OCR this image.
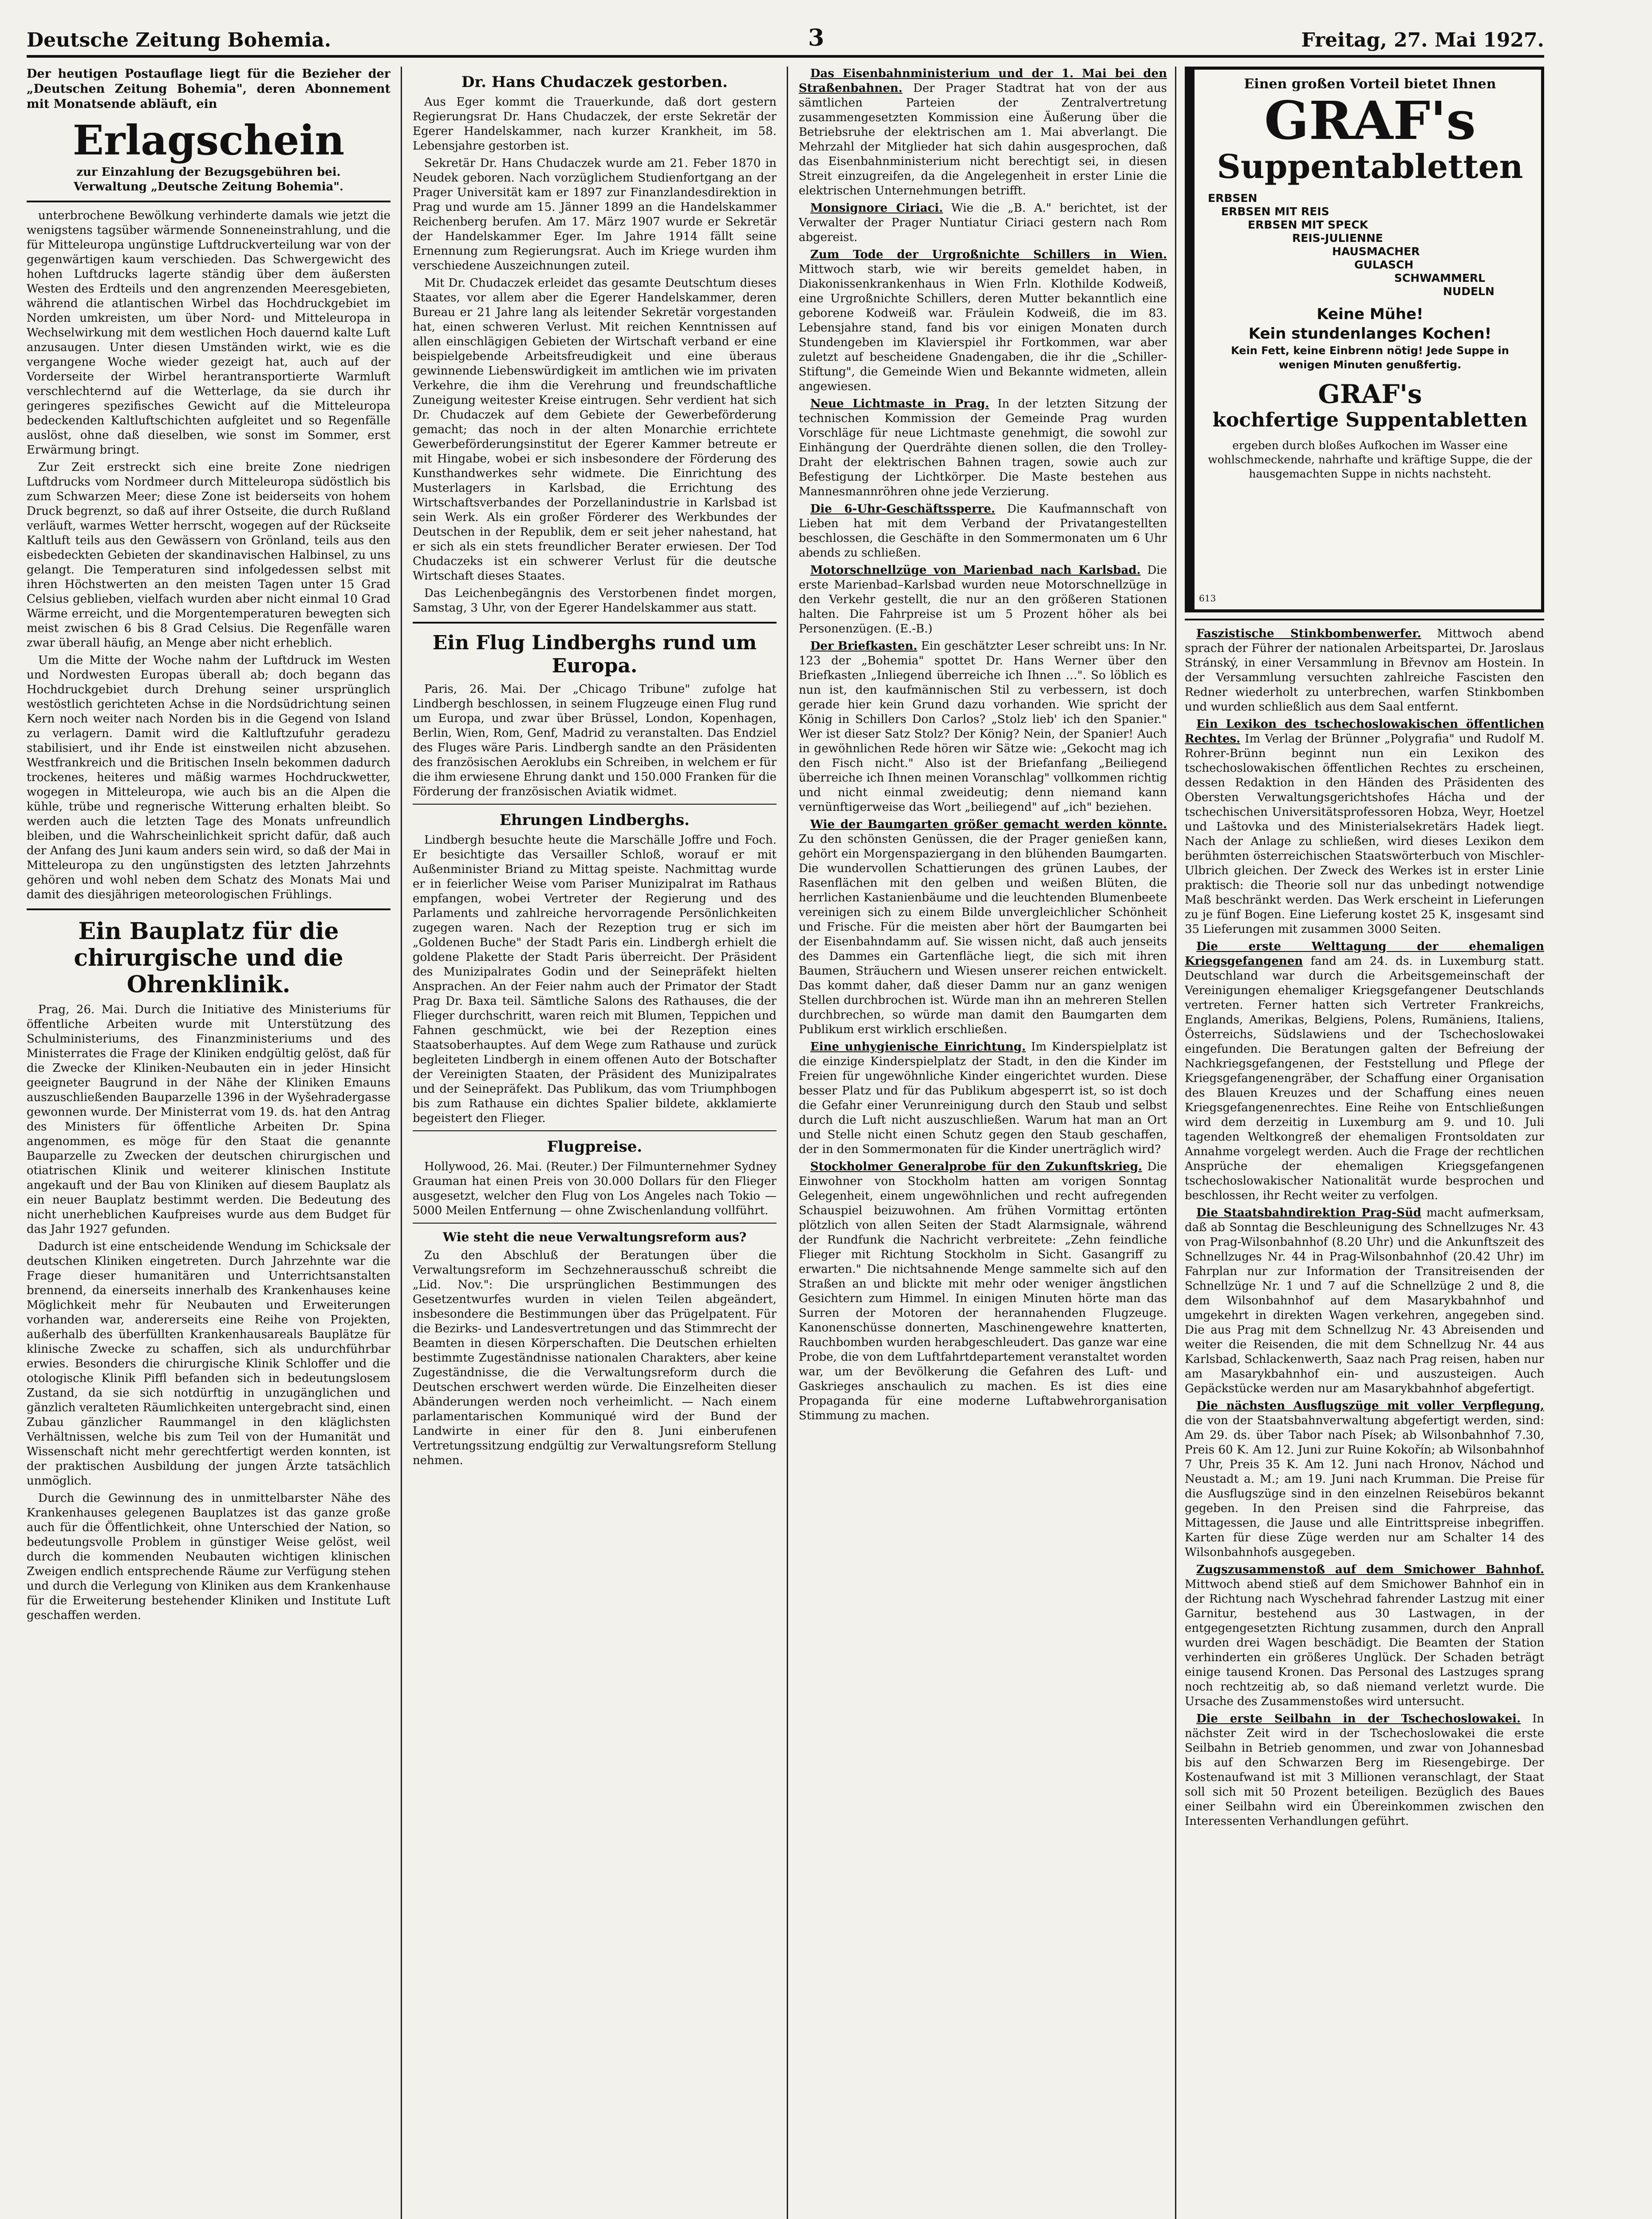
Deutsche Zeitung Bohemia.	3	Freitag, 27. Mai 1927.

Der heutigen Postauflage liegt für die Bezieher der „Deutschen Zeitung Bohemia", deren Abonnement mit Monatsende abläuft, ein

Erlagschein

zur Einzahlung der Bezugsgebühren bei.

Verwaltung „Deutsche Zeitung Bohemia".

unterbrochene Bewölkung verhinderte damals wie jetzt die wenigstens tagsüber wärmende Sonneneinstrahlung, und die für Mitteleuropa ungünstige Luftdruckverteilung war von der gegenwärtigen kaum verschieden. Das Schwergewicht des hohen Luftdrucks lagerte ständig über dem äußersten Westen des Erdteils und den angrenzenden Meeresgebieten, während die atlantischen Wirbel das Hochdruckgebiet im Norden umkreisten, um über Nord- und Mitteleuropa in Wechselwirkung mit dem westlichen Hoch dauernd kalte Luft anzusaugen. Unter diesen Umständen wirkt, wie es die vergangene Woche wieder gezeigt hat, auch auf der Vorderseite der Wirbel herantransportierte Warmluft verschlechternd auf die Wetterlage, da sie durch ihr geringeres spezifisches Gewicht auf die Mitteleuropa bedeckenden Kaltluftschichten aufgleitet und so Regenfälle auslöst, ohne daß dieselben, wie sonst im Sommer, erst Erwärmung bringt.

Zur Zeit erstreckt sich eine breite Zone niedrigen Luftdrucks vom Nordmeer durch Mitteleuropa südöstlich bis zum Schwarzen Meer; diese Zone ist beiderseits von hohem Druck begrenzt, so daß auf ihrer Ostseite, die durch Rußland verläuft, warmes Wetter herrscht, wogegen auf der Rückseite Kaltluft teils aus den Gewässern von Grönland, teils aus den eisbedeckten Gebieten der skandinavischen Halbinsel, zu uns gelangt. Die Temperaturen sind infolgedessen selbst mit ihren Höchstwerten an den meisten Tagen unter 15 Grad Celsius geblieben, vielfach wurden aber nicht einmal 10 Grad Wärme erreicht, und die Morgentemperaturen bewegten sich meist zwischen 6 bis 8 Grad Celsius. Die Regenfälle waren zwar überall häufig, an Menge aber nicht erheblich.

Um die Mitte der Woche nahm der Luftdruck im Westen und Nordwesten Europas überall ab; doch begann das Hochdruckgebiet durch Drehung seiner ursprünglich westöstlich gerichteten Achse in die Nordsüdrichtung seinen Kern noch weiter nach Norden bis in die Gegend von Island zu verlagern. Damit wird die Kaltluftzufuhr geradezu stabilisiert, und ihr Ende ist einstweilen nicht abzusehen. Westfrankreich und die Britischen Inseln bekommen dadurch trockenes, heiteres und mäßig warmes Hochdruckwetter, wogegen in Mitteleuropa, wie auch bis an die Alpen die kühle, trübe und regnerische Witterung erhalten bleibt. So werden auch die letzten Tage des Monats unfreundlich bleiben, und die Wahrscheinlichkeit spricht dafür, daß auch der Anfang des Juni kaum anders sein wird, so daß der Mai in Mitteleuropa zu den ungünstigsten des letzten Jahrzehnts gehören und wohl neben dem Schatz des Monats Mai und damit des diesjährigen meteorologischen Frühlings.

Ein Bauplatz für die chirurgische und die Ohrenklinik.

Prag, 26. Mai. Durch die Initiative des Ministeriums für öffentliche Arbeiten wurde mit Unterstützung des Schulministeriums, des Finanzministeriums und des Ministerrates die Frage der Kliniken endgültig gelöst, daß für die Zwecke der Kliniken-Neubauten ein in jeder Hinsicht geeigneter Baugrund in der Nähe der Kliniken Emauns auszuschließenden Bauparzelle 1396 in der Wyšehradergasse gewonnen wurde. Der Ministerrat vom 19. ds. hat den Antrag des Ministers für öffentliche Arbeiten Dr. Spina angenommen, es möge für den Staat die genannte Bauparzelle zu Zwecken der deutschen chirurgischen und otiatrischen Klinik und weiterer klinischen Institute angekauft und der Bau von Kliniken auf diesem Bauplatz als ein neuer Bauplatz bestimmt werden. Die Bedeutung des nicht unerheblichen Kaufpreises wurde aus dem Budget für das Jahr 1927 gefunden.

Dadurch ist eine entscheidende Wendung im Schicksale der deutschen Kliniken eingetreten. Durch Jahrzehnte war die Frage dieser humanitären und Unterrichtsanstalten brennend, da einerseits innerhalb des Krankenhauses keine Möglichkeit mehr für Neubauten und Erweiterungen vorhanden war, andererseits eine Reihe von Projekten, außerhalb des überfüllten Krankenhausareals Bauplätze für klinische Zwecke zu schaffen, sich als undurchführbar erwies. Besonders die chirurgische Klinik Schloffer und die otologische Klinik Piffl befanden sich in bedeutungslosem Zustand, da sie sich notdürftig in unzugänglichen und gänzlich veralteten Räumlichkeiten untergebracht sind, einen Zubau gänzlicher Raummangel in den kläglichsten Verhältnissen, welche bis zum Teil von der Humanität und Wissenschaft nicht mehr gerechtfertigt werden konnten, ist der praktischen Ausbildung der jungen Ärzte tatsächlich unmöglich.

Durch die Gewinnung des in unmittelbarster Nähe des Krankenhauses gelegenen Bauplatzes ist das ganze große auch für die Öffentlichkeit, ohne Unterschied der Nation, so bedeutungsvolle Problem in günstiger Weise gelöst, weil durch die kommenden Neubauten wichtigen klinischen Zweigen endlich entsprechende Räume zur Verfügung stehen und durch die Verlegung von Kliniken aus dem Krankenhause für die Erweiterung bestehender Kliniken und Institute Luft geschaffen werden.

Dr. Hans Chudaczek gestorben.

Aus Eger kommt die Trauerkunde, daß dort gestern Regierungsrat Dr. Hans Chudaczek, der erste Sekretär der Egerer Handelskammer, nach kurzer Krankheit, im 58. Lebensjahre gestorben ist.

Sekretär Dr. Hans Chudaczek wurde am 21. Feber 1870 in Neudek geboren. Nach vorzüglichem Studienfortgang an der Prager Universität kam er 1897 zur Finanzlandesdirektion in Prag und wurde am 15. Jänner 1899 an die Handelskammer Reichenberg berufen. Am 17. März 1907 wurde er Sekretär der Handelskammer Eger. Im Jahre 1914 fällt seine Ernennung zum Regierungsrat. Auch im Kriege wurden ihm verschiedene Auszeichnungen zuteil.

Mit Dr. Chudaczek erleidet das gesamte Deutschtum dieses Staates, vor allem aber die Egerer Handelskammer, deren Bureau er 21 Jahre lang als leitender Sekretär vorgestanden hat, einen schweren Verlust. Mit reichen Kenntnissen auf allen einschlägigen Gebieten der Wirtschaft verband er eine beispielgebende Arbeitsfreudigkeit und eine überaus gewinnende Liebenswürdigkeit im amtlichen wie im privaten Verkehre, die ihm die Verehrung und freundschaftliche Zuneigung weitester Kreise eintrugen. Sehr verdient hat sich Dr. Chudaczek auf dem Gebiete der Gewerbeförderung gemacht; das noch in der alten Monarchie errichtete Gewerbeförderungsinstitut der Egerer Kammer betreute er mit Hingabe, wobei er sich insbesondere der Förderung des Kunsthandwerkes sehr widmete. Die Einrichtung des Musterlagers in Karlsbad, die Errichtung des Wirtschaftsverbandes der Porzellanindustrie in Karlsbad ist sein Werk. Als ein großer Förderer des Werkbundes der Deutschen in der Republik, dem er seit jeher nahestand, hat er sich als ein stets freundlicher Berater erwiesen. Der Tod Chudaczeks ist ein schwerer Verlust für die deutsche Wirtschaft dieses Staates.

Das Leichenbegängnis des Verstorbenen findet morgen, Samstag, 3 Uhr, von der Egerer Handelskammer aus statt.

Ein Flug Lindberghs rund um Europa.

Paris, 26. Mai. Der „Chicago Tribune" zufolge hat Lindbergh beschlossen, in seinem Flugzeuge einen Flug rund um Europa, und zwar über Brüssel, London, Kopenhagen, Berlin, Wien, Rom, Genf, Madrid zu veranstalten. Das Endziel des Fluges wäre Paris. Lindbergh sandte an den Präsidenten des französischen Aeroklubs ein Schreiben, in welchem er für die ihm erwiesene Ehrung dankt und 150.000 Franken für die Förderung der französischen Aviatik widmet.

Ehrungen Lindberghs.

Lindbergh besuchte heute die Marschälle Joffre und Foch. Er besichtigte das Versailler Schloß, worauf er mit Außenminister Briand zu Mittag speiste. Nachmittag wurde er in feierlicher Weise vom Pariser Munizipalrat im Rathaus empfangen, wobei Vertreter der Regierung und des Parlaments und zahlreiche hervorragende Persönlichkeiten zugegen waren. Nach der Rezeption trug er sich im „Goldenen Buche" der Stadt Paris ein. Lindbergh erhielt die goldene Plakette der Stadt Paris überreicht. Der Präsident des Munizipalrates Godin und der Seinepräfekt hielten Ansprachen. An der Feier nahm auch der Primator der Stadt Prag Dr. Baxa teil. Sämtliche Salons des Rathauses, die der Flieger durchschritt, waren reich mit Blumen, Teppichen und Fahnen geschmückt, wie bei der Rezeption eines Staatsoberhauptes. Auf dem Wege zum Rathause und zurück begleiteten Lindbergh in einem offenen Auto der Botschafter der Vereinigten Staaten, der Präsident des Munizipalrates und der Seinepräfekt. Das Publikum, das vom Triumphbogen bis zum Rathause ein dichtes Spalier bildete, akklamierte begeistert den Flieger.

Flugpreise.

Hollywood, 26. Mai. (Reuter.) Der Filmunternehmer Sydney Grauman hat einen Preis von 30.000 Dollars für den Flieger ausgesetzt, welcher den Flug von Los Angeles nach Tokio — 5000 Meilen Entfernung — ohne Zwischenlandung vollführt.

Wie steht die neue Verwaltungsreform aus?

Zu den Abschluß der Beratungen über die Verwaltungsreform im Sechzehnerausschuß schreibt die „Lid. Nov.": Die ursprünglichen Bestimmungen des Gesetzentwurfes wurden in vielen Teilen abgeändert, insbesondere die Bestimmungen über das Prügelpatent. Für die Bezirks- und Landesvertretungen und das Stimmrecht der Beamten in diesen Körperschaften. Die Deutschen erhielten bestimmte Zugeständnisse nationalen Charakters, aber keine Zugeständnisse, die die Verwaltungsreform durch die Deutschen erschwert werden würde. Die Einzelheiten dieser Abänderungen werden noch verheimlicht. — Nach einem parlamentarischen Kommuniqué wird der Bund der Landwirte in einer für den 8. Juni einberufenen Vertretungssitzung endgültig zur Verwaltungsreform Stellung nehmen.

Das Eisenbahnministerium und der 1. Mai bei den Straßenbahnen. Der Prager Stadtrat hat von der aus sämtlichen Parteien der Zentralvertretung zusammengesetzten Kommission eine Äußerung über die Betriebsruhe der elektrischen am 1. Mai abverlangt. Die Mehrzahl der Mitglieder hat sich dahin ausgesprochen, daß das Eisenbahnministerium nicht berechtigt sei, in diesen Streit einzugreifen, da die Angelegenheit in erster Linie die elektrischen Unternehmungen betrifft.

Monsignore Ciriaci. Wie die „B. A." berichtet, ist der Verwalter der Prager Nuntiatur Ciriaci gestern nach Rom abgereist.

Zum Tode der Urgroßnichte Schillers in Wien. Mittwoch starb, wie wir bereits gemeldet haben, in Diakonissenkrankenhaus in Wien Frln. Klothilde Kodweiß, eine Urgroßnichte Schillers, deren Mutter bekanntlich eine geborene Kodweiß war. Fräulein Kodweiß, die im 83. Lebensjahre stand, fand bis vor einigen Monaten durch Stundengeben im Klavierspiel ihr Fortkommen, war aber zuletzt auf bescheidene Gnadengaben, die ihr die „Schiller-Stiftung", die Gemeinde Wien und Bekannte widmeten, allein angewiesen.

Neue Lichtmaste in Prag. In der letzten Sitzung der technischen Kommission der Gemeinde Prag wurden Vorschläge für neue Lichtmaste genehmigt, die sowohl zur Einhängung der Querdrähte dienen sollen, die den Trolley-Draht der elektrischen Bahnen tragen, sowie auch zur Befestigung der Lichtkörper. Die Maste bestehen aus Mannesmannröhren ohne jede Verzierung.

Die 6-Uhr-Geschäftssperre. Die Kaufmannschaft von Lieben hat mit dem Verband der Privatangestellten beschlossen, die Geschäfte in den Sommermonaten um 6 Uhr abends zu schließen.

Motorschnellzüge von Marienbad nach Karlsbad. Die erste Marienbad–Karlsbad wurden neue Motorschnellzüge in den Verkehr gestellt, die nur an den größeren Stationen halten. Die Fahrpreise ist um 5 Prozent höher als bei Personenzügen. (E.-B.)

Der Briefkasten. Ein geschätzter Leser schreibt uns: In Nr. 123 der „Bohemia" spottet Dr. Hans Werner über den Briefkasten „Inliegend überreiche ich Ihnen …". So löblich es nun ist, den kaufmännischen Stil zu verbessern, ist doch gerade hier kein Grund dazu vorhanden. Wie spricht der König in Schillers Don Carlos? „Stolz lieb' ich den Spanier." Wer ist dieser Satz Stolz? Der König? Nein, der Spanier! Auch in gewöhnlichen Rede hören wir Sätze wie: „Gekocht mag ich den Fisch nicht." Also ist der Briefanfang „Beiliegend überreiche ich Ihnen meinen Voranschlag" vollkommen richtig und nicht einmal zweideutig; denn niemand kann vernünftigerweise das Wort „beiliegend" auf „ich" beziehen.

Wie der Baumgarten größer gemacht werden könnte. Zu den schönsten Genüssen, die der Prager genießen kann, gehört ein Morgenspaziergang in den blühenden Baumgarten. Die wundervollen Schattierungen des grünen Laubes, der Rasenflächen mit den gelben und weißen Blüten, die herrlichen Kastanienbäume und die leuchtenden Blumenbeete vereinigen sich zu einem Bilde unvergleichlicher Schönheit und Frische. Für die meisten aber hört der Baumgarten bei der Eisenbahndamm auf. Sie wissen nicht, daß auch jenseits des Dammes ein Gartenfläche liegt, die sich mit ihren Baumen, Sträuchern und Wiesen unserer reichen entwickelt. Das kommt daher, daß dieser Damm nur an ganz wenigen Stellen durchbrochen ist. Würde man ihn an mehreren Stellen durchbrechen, so würde man damit den Baumgarten dem Publikum erst wirklich erschließen.

Eine unhygienische Einrichtung. Im Kinderspielplatz ist die einzige Kinderspielplatz der Stadt, in den die Kinder im Freien für ungewöhnliche Kinder eingerichtet wurden. Diese besser Platz und für das Publikum abgesperrt ist, so ist doch die Gefahr einer Verunreinigung durch den Staub und selbst durch die Luft nicht auszuschließen. Warum hat man an Ort und Stelle nicht einen Schutz gegen den Staub geschaffen, der in den Sommermonaten für die Kinder unerträglich wird?

Stockholmer Generalprobe für den Zukunftskrieg. Die Einwohner von Stockholm hatten am vorigen Sonntag Gelegenheit, einem ungewöhnlichen und recht aufregenden Schauspiel beizuwohnen. Am frühen Vormittag ertönten plötzlich von allen Seiten der Stadt Alarmsignale, während der Rundfunk die Nachricht verbreitete: „Zehn feindliche Flieger mit Richtung Stockholm in Sicht. Gasangriff zu erwarten." Die nichtsahnende Menge sammelte sich auf den Straßen an und blickte mit mehr oder weniger ängstlichen Gesichtern zum Himmel. In einigen Minuten hörte man das Surren der Motoren der herannahenden Flugzeuge. Kanonenschüsse donnerten, Maschinengewehre knatterten, Rauchbomben wurden herabgeschleudert. Das ganze war eine Probe, die von dem Luftfahrtdepartement veranstaltet worden war, um der Bevölkerung die Gefahren des Luft- und Gaskrieges anschaulich zu machen. Es ist dies eine Propaganda für eine moderne Luftabwehrorganisation Stimmung zu machen.

Einen großen Vorteil bietet Ihnen
GRAF's
Suppentabletten
ERBSEN
ERBSEN MIT REIS
ERBSEN MIT SPECK
REIS-JULIENNE
HAUSMACHER
GULASCH
SCHWAMMERL
NUDELN
Keine Mühe!
Kein stundenlanges Kochen!
Kein Fett, keine Einbrenn nötig! Jede Suppe in wenigen Minuten genußfertig.
GRAF's
kochfertige Suppentabletten
ergeben durch bloßes Aufkochen im Wasser eine wohlschmeckende, nahrhafte und kräftige Suppe, die der hausgemachten Suppe in nichts nachsteht.
613

Faszistische Stinkbombenwerfer. Mittwoch abend sprach der Führer der nationalen Arbeitspartei, Dr. Jaroslaus Stránský, in einer Versammlung in Břevnov am Hostein. In der Versammlung versuchten zahlreiche Fascisten den Redner wiederholt zu unterbrechen, warfen Stinkbomben und wurden schließlich aus dem Saal entfernt.

Ein Lexikon des tschechoslowakischen öffentlichen Rechtes. Im Verlag der Brünner „Polygrafia" und Rudolf M. Rohrer-Brünn beginnt nun ein Lexikon des tschechoslowakischen öffentlichen Rechtes zu erscheinen, dessen Redaktion in den Händen des Präsidenten des Obersten Verwaltungsgerichtshofes Hácha und der tschechischen Universitätsprofessoren Hobza, Weyr, Hoetzel und Laštovka und des Ministerialsekretärs Hadek liegt. Nach der Anlage zu schließen, wird dieses Lexikon dem berühmten österreichischen Staatswörterbuch von Mischler-Ulbrich gleichen. Der Zweck des Werkes ist in erster Linie praktisch: die Theorie soll nur das unbedingt notwendige Maß beschränkt werden. Das Werk erscheint in Lieferungen zu je fünf Bogen. Eine Lieferung kostet 25 K, insgesamt sind 35 Lieferungen mit zusammen 3000 Seiten.

Die erste Welttagung der ehemaligen Kriegsgefangenen fand am 24. ds. in Luxemburg statt. Deutschland war durch die Arbeitsgemeinschaft der Vereinigungen ehemaliger Kriegsgefangener Deutschlands vertreten. Ferner hatten sich Vertreter Frankreichs, Englands, Amerikas, Belgiens, Polens, Rumäniens, Italiens, Österreichs, Südslawiens und der Tschechoslowakei eingefunden. Die Beratungen galten der Befreiung der Nachkriegsgefangenen, der Feststellung und Pflege der Kriegsgefangenengräber, der Schaffung einer Organisation des Blauen Kreuzes und der Schaffung eines neuen Kriegsgefangenenrechtes. Eine Reihe von Entschließungen wird dem derzeitig in Luxemburg am 9. und 10. Juli tagenden Weltkongreß der ehemaligen Frontsoldaten zur Annahme vorgelegt werden. Auch die Frage der rechtlichen Ansprüche der ehemaligen Kriegsgefangenen tschechoslowakischer Nationalität wurde besprochen und beschlossen, ihr Recht weiter zu verfolgen.

Die Staatsbahndirektion Prag-Süd macht aufmerksam, daß ab Sonntag die Beschleunigung des Schnellzuges Nr. 43 von Prag-Wilsonbahnhof (8.20 Uhr) und die Ankunftszeit des Schnellzuges Nr. 44 in Prag-Wilsonbahnhof (20.42 Uhr) im Fahrplan nur zur Information der Transitreisenden der Schnellzüge Nr. 1 und 7 auf die Schnellzüge 2 und 8, die dem Wilsonbahnhof auf dem Masarykbahnhof und umgekehrt in direkten Wagen verkehren, angegeben sind. Die aus Prag mit dem Schnellzug Nr. 43 Abreisenden und weiter die Reisenden, die mit dem Schnellzug Nr. 44 aus Karlsbad, Schlackenwerth, Saaz nach Prag reisen, haben nur am Masarykbahnhof ein- und auszusteigen. Auch Gepäckstücke werden nur am Masarykbahnhof abgefertigt.

Die nächsten Ausflugszüge mit voller Verpflegung, die von der Staatsbahnverwaltung abgefertigt werden, sind: Am 29. ds. über Tabor nach Písek; ab Wilsonbahnhof 7.30, Preis 60 K. Am 12. Juni zur Ruine Kokořín; ab Wilsonbahnhof 7 Uhr, Preis 35 K. Am 12. Juni nach Hronov, Náchod und Neustadt a. M.; am 19. Juni nach Krumman. Die Preise für die Ausflugszüge sind in den einzelnen Reisebüros bekannt gegeben. In den Preisen sind die Fahrpreise, das Mittagessen, die Jause und alle Eintrittspreise inbegriffen. Karten für diese Züge werden nur am Schalter 14 des Wilsonbahnhofs ausgegeben.

Zugszusammenstoß auf dem Smichower Bahnhof. Mittwoch abend stieß auf dem Smichower Bahnhof ein in der Richtung nach Wyschehrad fahrender Lastzug mit einer Garnitur, bestehend aus 30 Lastwagen, in der entgegengesetzten Richtung zusammen, durch den Anprall wurden drei Wagen beschädigt. Die Beamten der Station verhinderten ein größeres Unglück. Der Schaden beträgt einige tausend Kronen. Das Personal des Lastzuges sprang noch rechtzeitig ab, so daß niemand verletzt wurde. Die Ursache des Zusammenstoßes wird untersucht.

Die erste Seilbahn in der Tschechoslowakei. In nächster Zeit wird in der Tschechoslowakei die erste Seilbahn in Betrieb genommen, und zwar von Johannesbad bis auf den Schwarzen Berg im Riesengebirge. Der Kostenaufwand ist mit 3 Millionen veranschlagt, der Staat soll sich mit 50 Prozent beteiligen. Bezüglich des Baues einer Seilbahn wird ein Übereinkommen zwischen den Interessenten Verhandlungen geführt.
